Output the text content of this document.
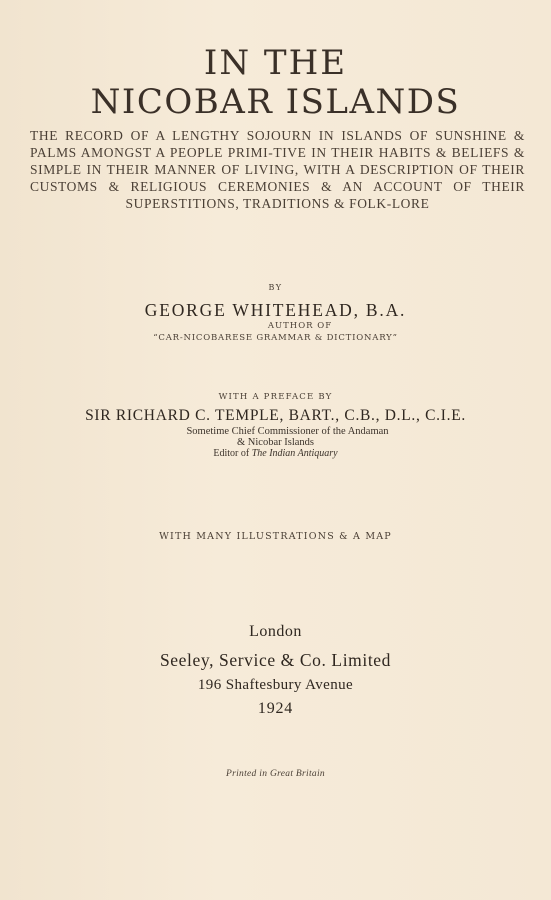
IN THE
NICOBAR ISLANDS
THE RECORD OF A LENGTHY SOJOURN IN ISLANDS OF SUNSHINE & PALMS AMONGST A PEOPLE PRIMI-TIVE IN THEIR HABITS & BELIEFS & SIMPLE IN THEIR MANNER OF LIVING, WITH A DESCRIPTION OF THEIR CUSTOMS & RELIGIOUS CEREMONIES & AN ACCOUNT OF THEIR SUPERSTITIONS, TRADITIONS & FOLK-LORE
BY
GEORGE WHITEHEAD, B.A.
AUTHOR OF
“CAR-NICOBARESE GRAMMAR & DICTIONARY”
WITH A PREFACE BY
SIR RICHARD C. TEMPLE, BART., C.B., D.L., C.I.E.
Sometime Chief Commissioner of the Andaman
& Nicobar Islands
Editor of The Indian Antiquary
WITH MANY ILLUSTRATIONS & A MAP
London
Seeley, Service & Co. Limited
196 Shaftesbury Avenue
1924
Printed in Great Britain
